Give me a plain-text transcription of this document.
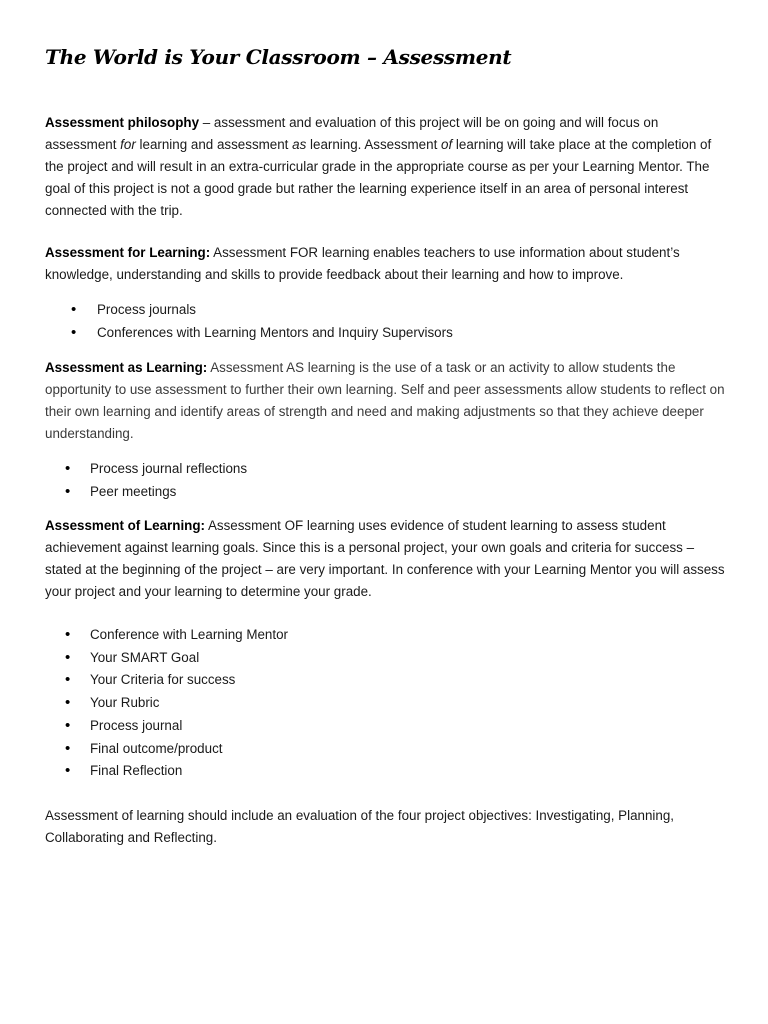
The World is Your Classroom – Assessment

Assessment philosophy – assessment and evaluation of this project will be on going and will focus on assessment for learning and assessment as learning. Assessment of learning will take place at the completion of the project and will result in an extra-curricular grade in the appropriate course as per your Learning Mentor. The goal of this project is not a good grade but rather the learning experience itself in an area of personal interest connected with the trip.

Assessment for Learning: Assessment FOR learning enables teachers to use information about student’s knowledge, understanding and skills to provide feedback about their learning and how to improve.

• Process journals
• Conferences with Learning Mentors and Inquiry Supervisors

Assessment as Learning: Assessment AS learning is the use of a task or an activity to allow students the opportunity to use assessment to further their own learning. Self and peer assessments allow students to reflect on their own learning and identify areas of strength and need and making adjustments so that they achieve deeper understanding.

• Process journal reflections
• Peer meetings

Assessment of Learning: Assessment OF learning uses evidence of student learning to assess student achievement against learning goals. Since this is a personal project, your own goals and criteria for success – stated at the beginning of the project – are very important. In conference with your Learning Mentor you will assess your project and your learning to determine your grade.

• Conference with Learning Mentor
• Your SMART Goal
• Your Criteria for success
• Your Rubric
• Process journal
• Final outcome/product
• Final Reflection

Assessment of learning should include an evaluation of the four project objectives: Investigating, Planning, Collaborating and Reflecting.
